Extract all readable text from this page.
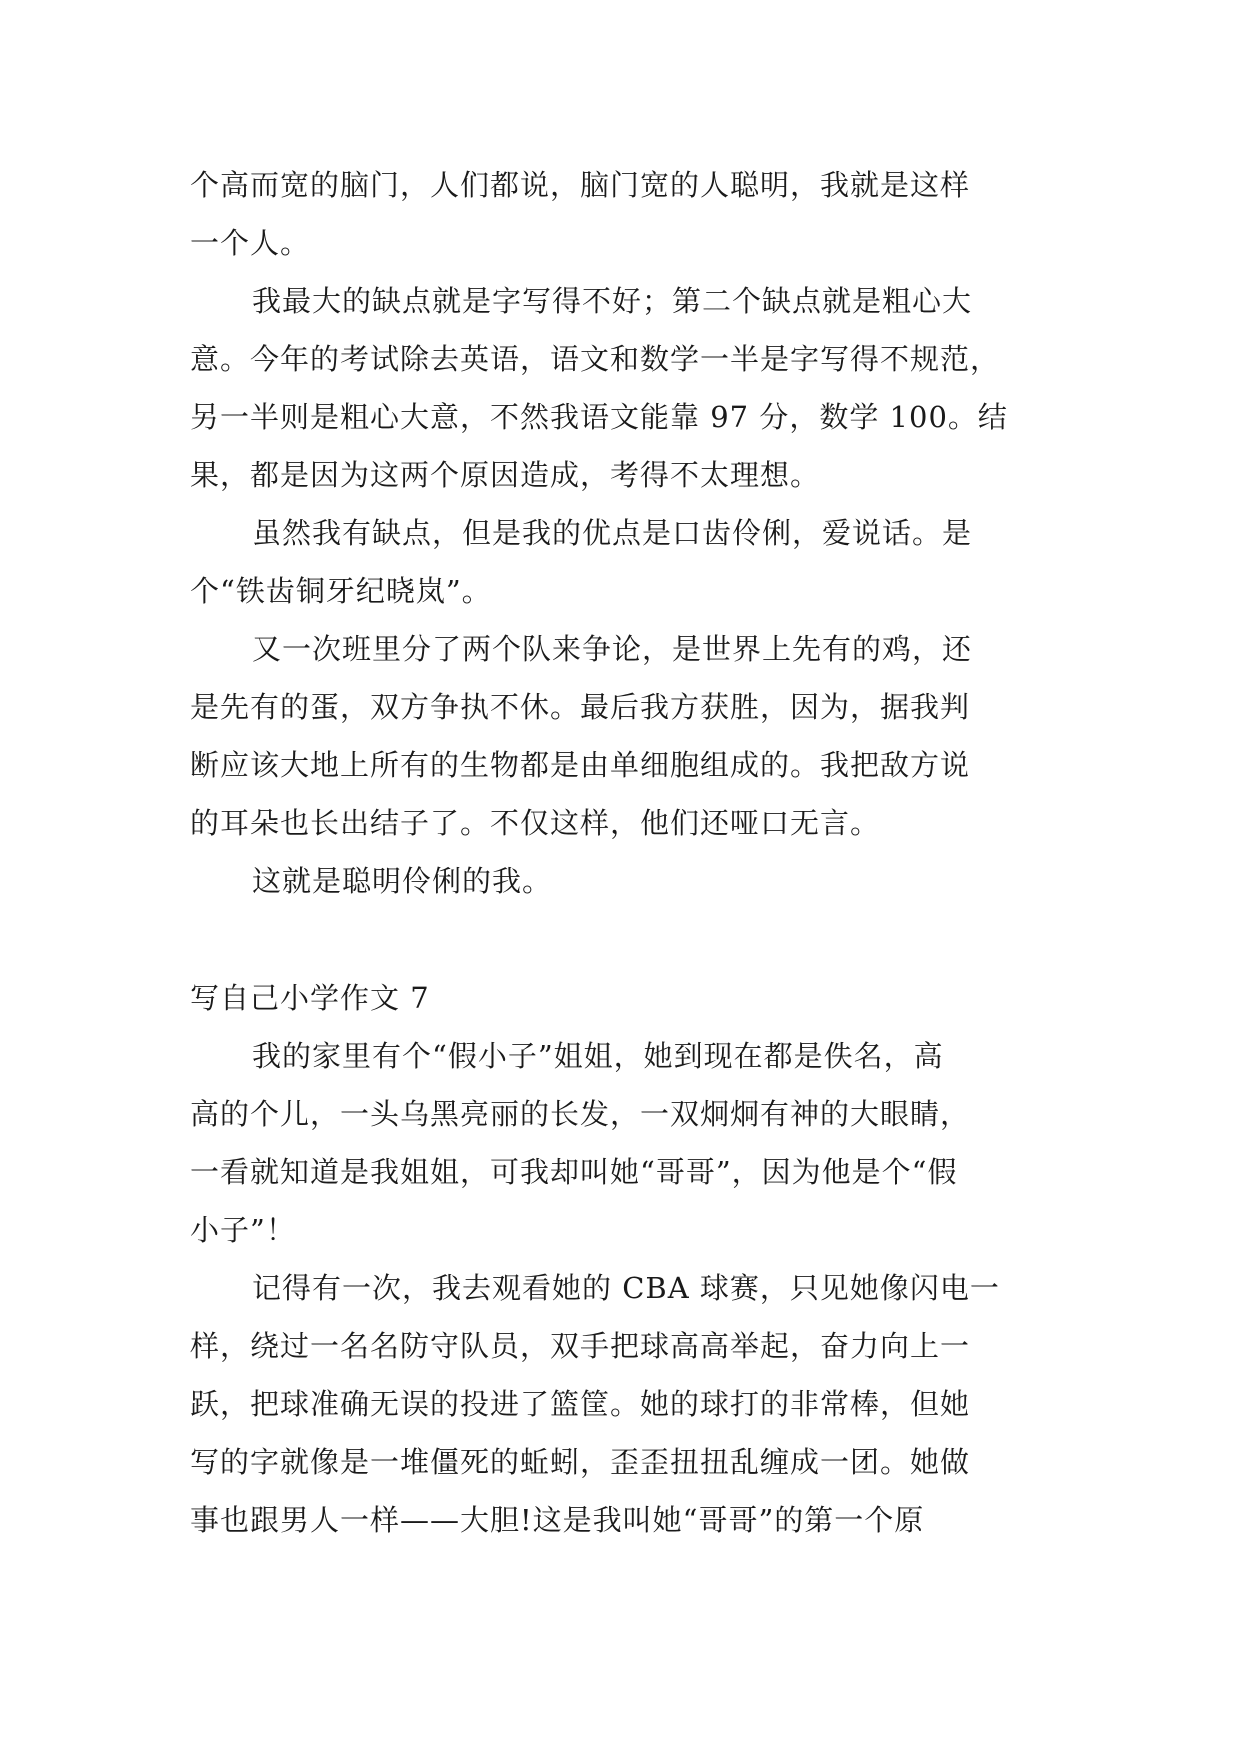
个高而宽的脑门，人们都说，脑门宽的人聪明，我就是这样
一个人。
我最大的缺点就是字写得不好；第二个缺点就是粗心大
意。今年的考试除去英语，语文和数学一半是字写得不规范，
另一半则是粗心大意，不然我语文能靠 97 分，数学 100。结
果，都是因为这两个原因造成，考得不太理想。
虽然我有缺点，但是我的优点是口齿伶俐，爱说话。是
个“铁齿铜牙纪晓岚”。
又一次班里分了两个队来争论，是世界上先有的鸡，还
是先有的蛋，双方争执不休。最后我方获胜，因为，据我判
断应该大地上所有的生物都是由单细胞组成的。我把敌方说
的耳朵也长出结子了。不仅这样，他们还哑口无言。
这就是聪明伶俐的我。
写自己小学作文 7
我的家里有个“假小子”姐姐，她到现在都是佚名，高
高的个儿，一头乌黑亮丽的长发，一双炯炯有神的大眼睛，
一看就知道是我姐姐，可我却叫她“哥哥”，因为他是个“假
小子”！
记得有一次，我去观看她的 CBA 球赛，只见她像闪电一
样，绕过一名名防守队员，双手把球高高举起，奋力向上一
跃，把球准确无误的投进了篮筐。她的球打的非常棒，但她
写的字就像是一堆僵死的蚯蚓，歪歪扭扭乱缠成一团。她做
事也跟男人一样——大胆!这是我叫她“哥哥”的第一个原
